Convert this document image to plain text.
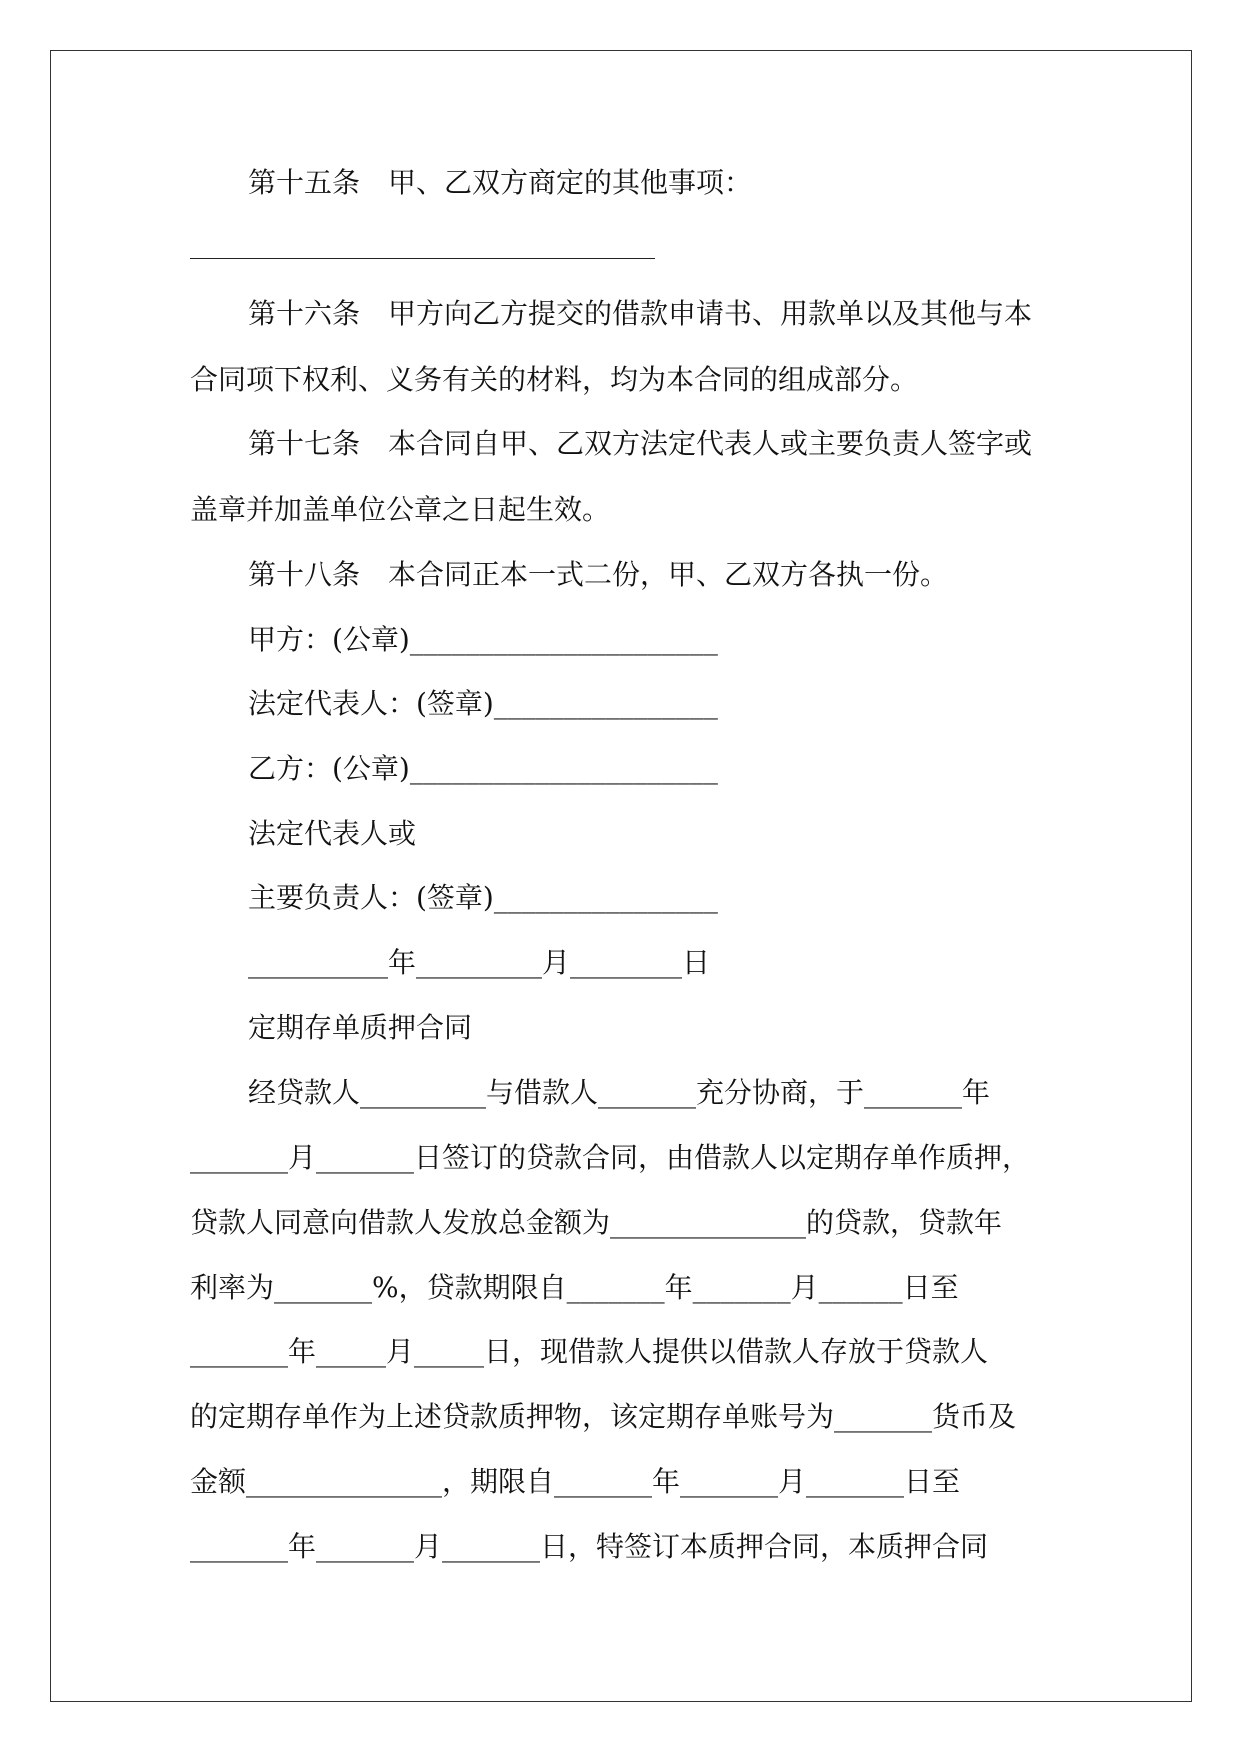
第十五条　甲、乙双方商定的其他事项：
第十六条　甲方向乙方提交的借款申请书、用款单以及其他与本
合同项下权利、义务有关的材料，均为本合同的组成部分。
第十七条　本合同自甲、乙双方法定代表人或主要负责人签字或
盖章并加盖单位公章之日起生效。
第十八条　本合同正本一式二份，甲、乙双方各执一份。
甲方：(公章)______________________
法定代表人：(签章)________________
乙方：(公章)______________________
法定代表人或
主要负责人：(签章)________________
__________年_________月________日
定期存单质押合同
经贷款人_________与借款人_______充分协商，于_______年
_______月_______日签订的贷款合同，由借款人以定期存单作质押，
贷款人同意向借款人发放总金额为______________的贷款，贷款年
利率为_______%，贷款期限自_______年_______月______日至
_______年_____月_____日，现借款人提供以借款人存放于贷款人
的定期存单作为上述贷款质押物，该定期存单账号为_______货币及
金额______________，期限自_______年_______月_______日至
_______年_______月_______日，特签订本质押合同，本质押合同
